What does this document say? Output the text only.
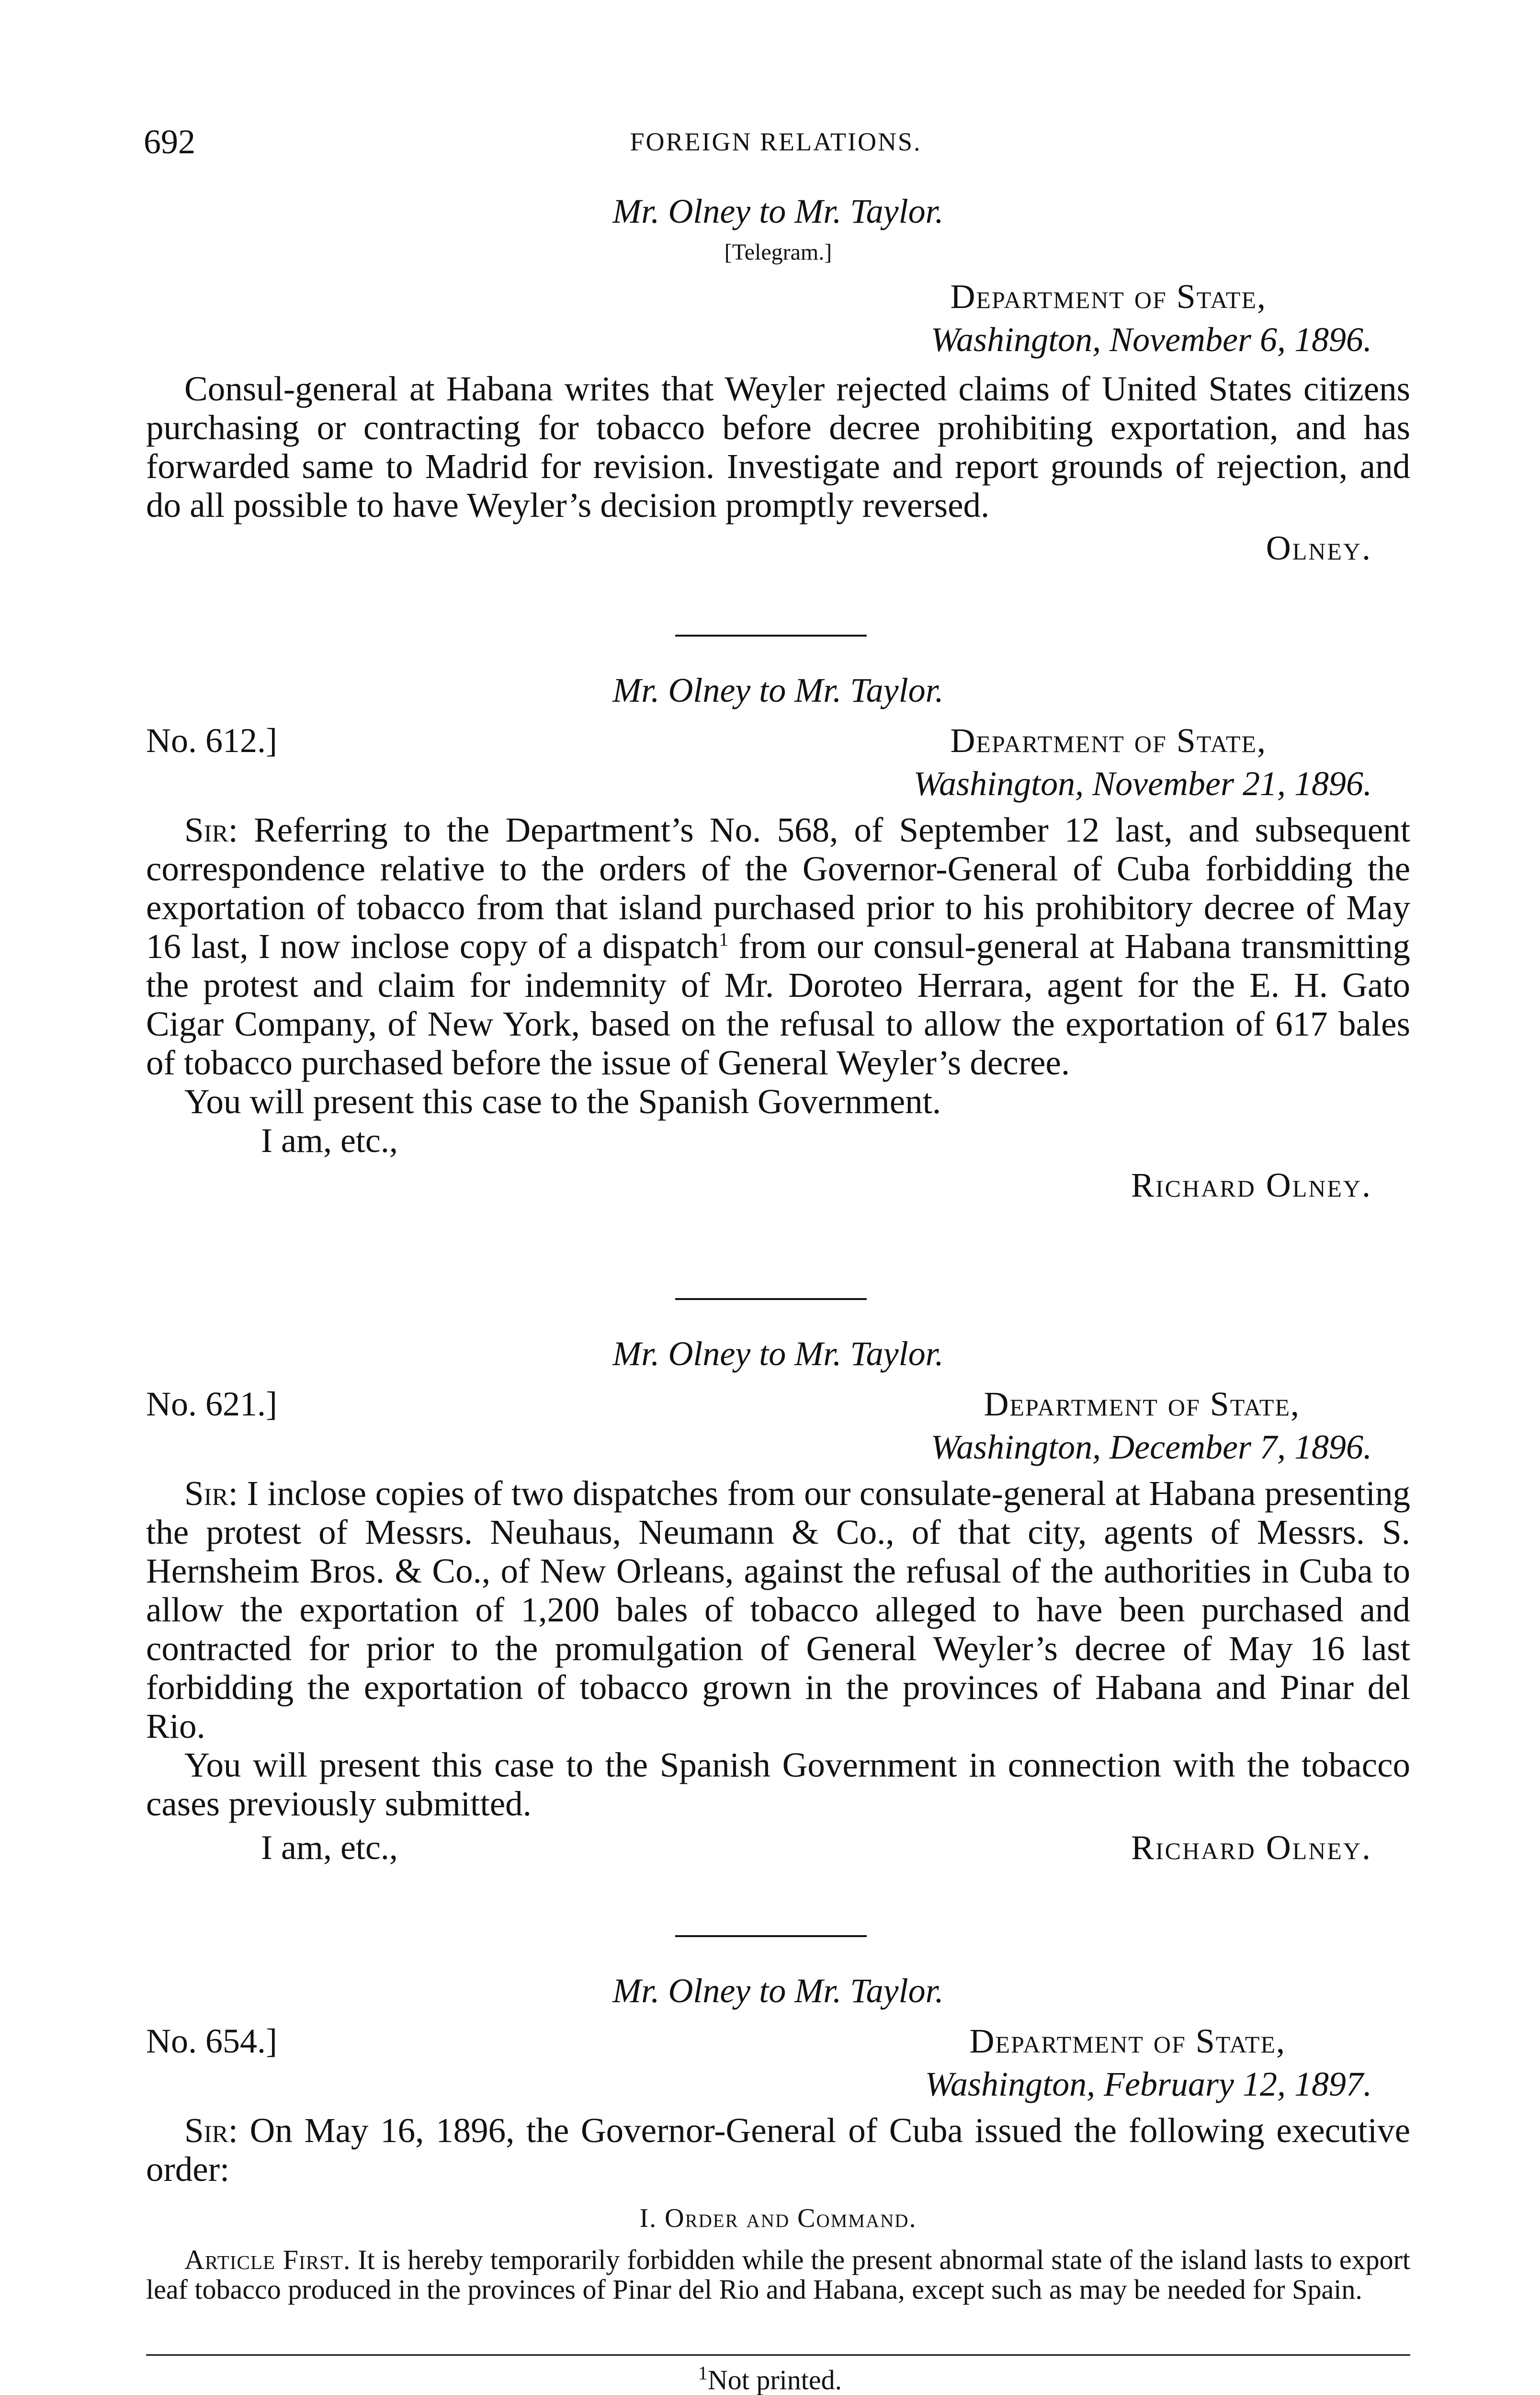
692	FOREIGN RELATIONS.

Mr. Olney to Mr. Taylor.

[Telegram.]
Department of State,
Washington, November 6, 1896.

Consul-general at Habana writes that Weyler rejected claims of United States citizens purchasing or contracting for tobacco before decree prohibiting exportation, and has forwarded same to Madrid for revision. Investigate and report grounds of rejection, and do all possible to have Weyler’s decision promptly reversed.

Olney.

Mr. Olney to Mr. Taylor.

No. 612.]	Department of State,
Washington, November 21, 1896.

Sir: Referring to the Department’s No. 568, of September 12 last, and subsequent correspondence relative to the orders of the Governor-General of Cuba forbidding the exportation of tobacco from that island purchased prior to his prohibitory decree of May 16 last, I now inclose copy of a dispatch$^1$ from our consul-general at Habana transmitting the protest and claim for indemnity of Mr. Doroteo Herrara, agent for the E. H. Gato Cigar Company, of New York, based on the refusal to allow the exportation of 617 bales of tobacco purchased before the issue of General Weyler’s decree.

You will present this case to the Spanish Government.

I am, etc.,
Richard Olney.

Mr. Olney to Mr. Taylor.

No. 621.]	Department of State,
Washington, December 7, 1896.

Sir: I inclose copies of two dispatches from our consulate-general at Habana presenting the protest of Messrs. Neuhaus, Neumann & Co., of that city, agents of Messrs. S. Hernsheim Bros. & Co., of New Orleans, against the refusal of the authorities in Cuba to allow the exportation of 1,200 bales of tobacco alleged to have been purchased and contracted for prior to the promulgation of General Weyler’s decree of May 16 last forbidding the exportation of tobacco grown in the provinces of Habana and Pinar del Rio.

You will present this case to the Spanish Government in connection with the tobacco cases previously submitted.

I am, etc.,	Richard Olney.

Mr. Olney to Mr. Taylor.

No. 654.]	Department of State,
Washington, February 12, 1897.

Sir: On May 16, 1896, the Governor-General of Cuba issued the following executive order:

I. Order and Command.

Article First. It is hereby temporarily forbidden while the present abnormal state of the island lasts to export leaf tobacco produced in the provinces of Pinar del Rio and Habana, except such as may be needed for Spain.

$^1$Not printed.
